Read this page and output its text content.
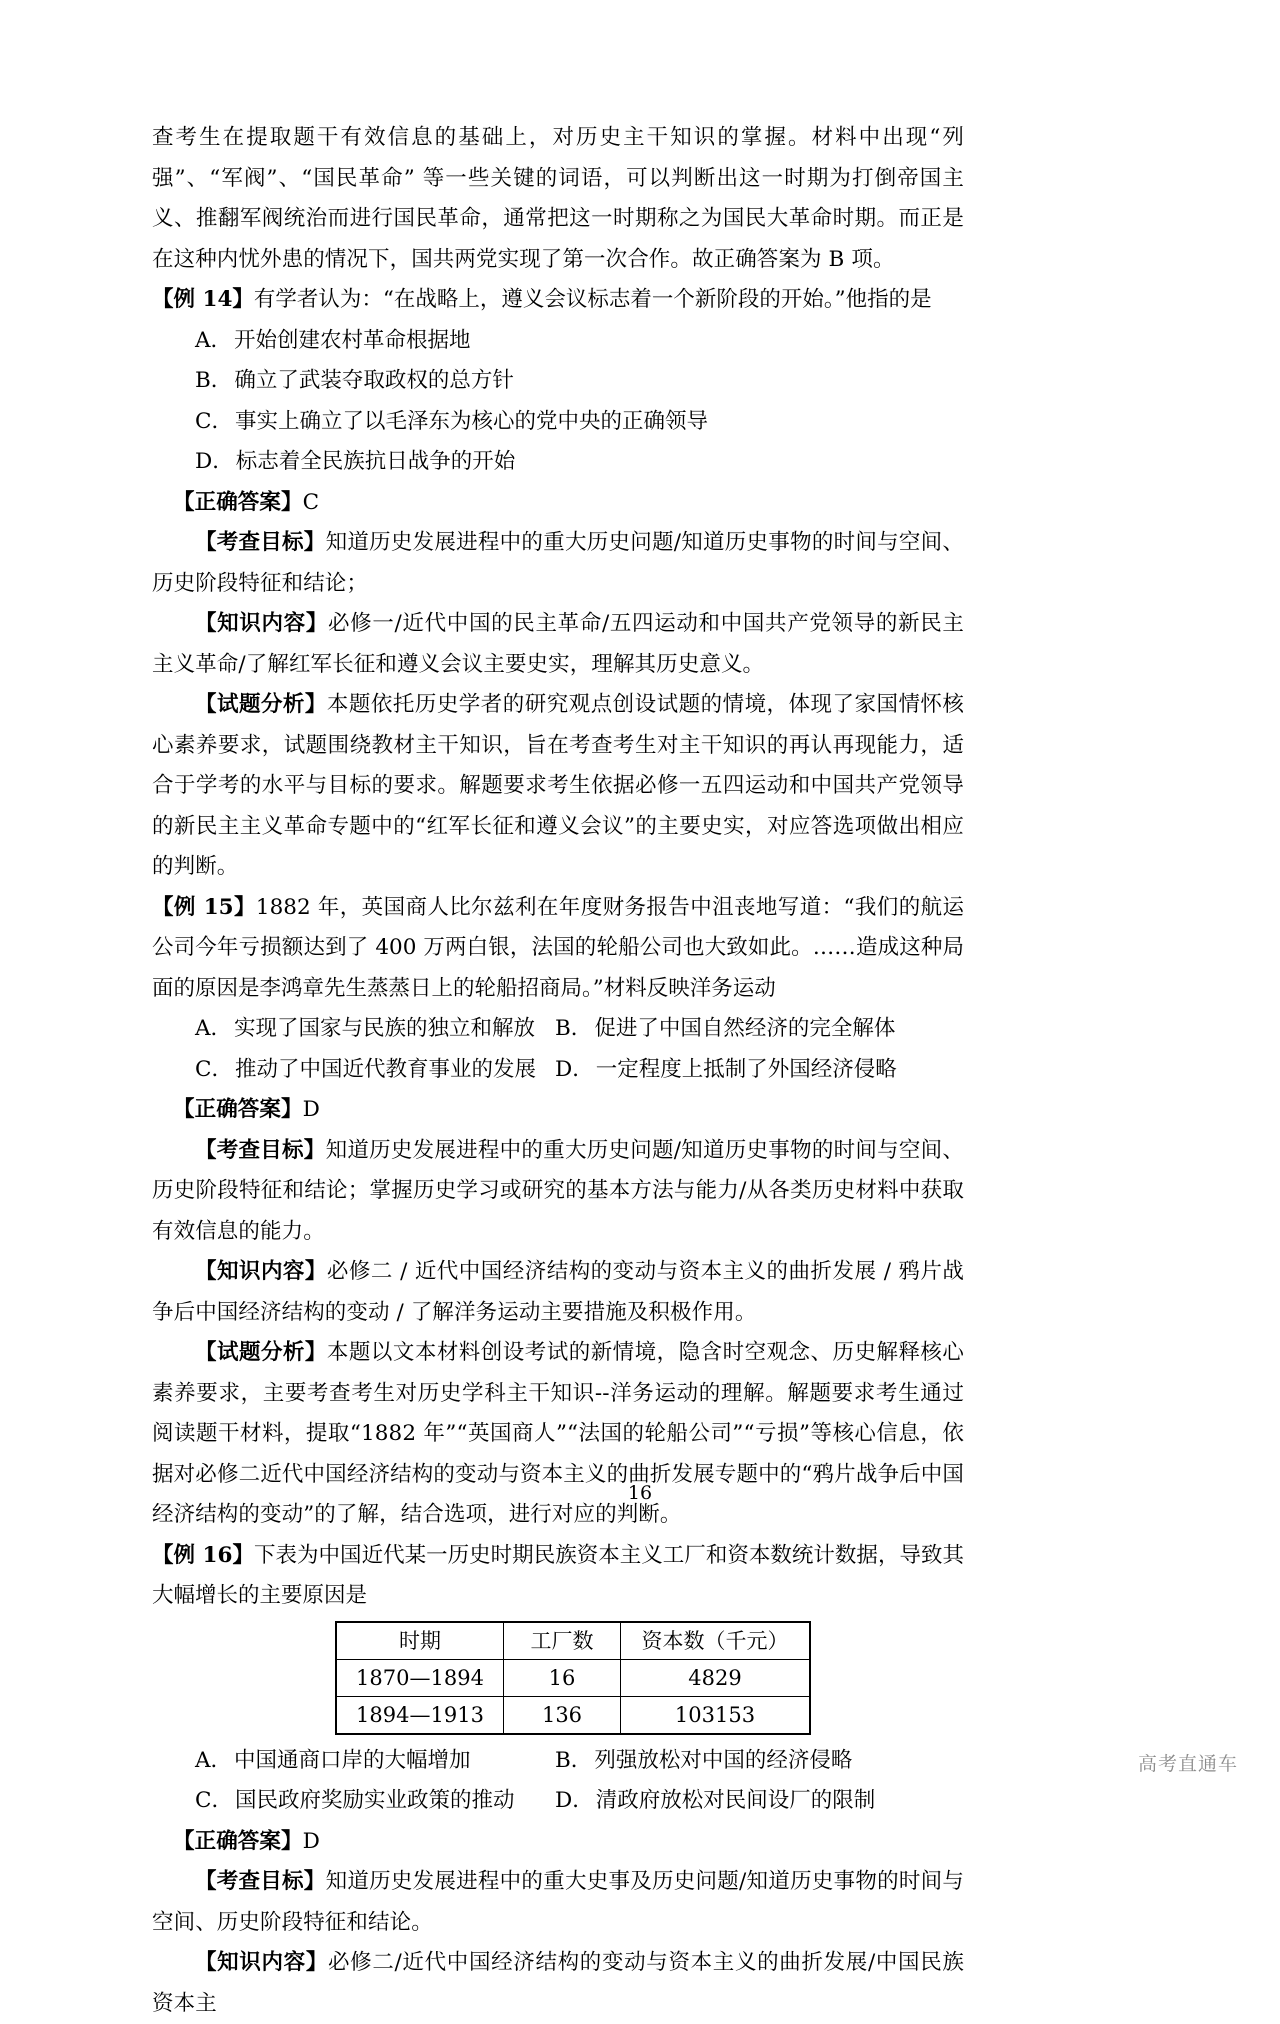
查考生在提取题干有效信息的基础上，对历史主干知识的掌握。材料中出现“列强”、“军阀”、“国民革命” 等一些关键的词语，可以判断出这一时期为打倒帝国主义、推翻军阀统治而进行国民革命，通常把这一时期称之为国民大革命时期。而正是在这种内忧外患的情况下，国共两党实现了第一次合作。故正确答案为 B 项。

【例 14】有学者认为：“在战略上，遵义会议标志着一个新阶段的开始。”他指的是

A．开始创建农村革命根据地

B．确立了武装夺取政权的总方针

C．事实上确立了以毛泽东为核心的党中央的正确领导

D．标志着全民族抗日战争的开始

【正确答案】C

【考查目标】知道历史发展进程中的重大历史问题/知道历史事物的时间与空间、历史阶段特征和结论；

【知识内容】必修一/近代中国的民主革命/五四运动和中国共产党领导的新民主主义革命/了解红军长征和遵义会议主要史实，理解其历史意义。

【试题分析】本题依托历史学者的研究观点创设试题的情境，体现了家国情怀核心素养要求，试题围绕教材主干知识，旨在考查考生对主干知识的再认再现能力，适合于学考的水平与目标的要求。解题要求考生依据必修一五四运动和中国共产党领导的新民主主义革命专题中的“红军长征和遵义会议”的主要史实，对应答选项做出相应的判断。

【例 15】1882 年，英国商人比尔兹利在年度财务报告中沮丧地写道：“我们的航运公司今年亏损额达到了 400 万两白银，法国的轮船公司也大致如此。……造成这种局面的原因是李鸿章先生蒸蒸日上的轮船招商局。”材料反映洋务运动

A．实现了国家与民族的独立和解放 B．促进了中国自然经济的完全解体
C．推动了中国近代教育事业的发展 D．一定程度上抵制了外国经济侵略

【正确答案】D

【考查目标】知道历史发展进程中的重大历史问题/知道历史事物的时间与空间、历史阶段特征和结论；掌握历史学习或研究的基本方法与能力/从各类历史材料中获取有效信息的能力。

【知识内容】必修二 / 近代中国经济结构的变动与资本主义的曲折发展 / 鸦片战争后中国经济结构的变动 / 了解洋务运动主要措施及积极作用。

【试题分析】本题以文本材料创设考试的新情境，隐含时空观念、历史解释核心素养要求，主要考查考生对历史学科主干知识--洋务运动的理解。解题要求考生通过阅读题干材料，提取“1882 年”“英国商人”“法国的轮船公司”“亏损”等核心信息，依据对必修二近代中国经济结构的变动与资本主义的曲折发展专题中的“鸦片战争后中国经济结构的变动”的了解，结合选项，进行对应的判断。

【例 16】下表为中国近代某一历史时期民族资本主义工厂和资本数统计数据，导致其大幅增长的主要原因是

时期	工厂数	资本数（千元）
1870—1894	16	4829
1894—1913	136	103153
A．中国通商口岸的大幅增加	B．列强放松对中国的经济侵略
C．国民政府奖励实业政策的推动	D．清政府放松对民间设厂的限制

【正确答案】D

【考查目标】知道历史发展进程中的重大史事及历史问题/知道历史事物的时间与空间、历史阶段特征和结论。

【知识内容】必修二/近代中国经济结构的变动与资本主义的曲折发展/中国民族资本主

16
高考直通车
